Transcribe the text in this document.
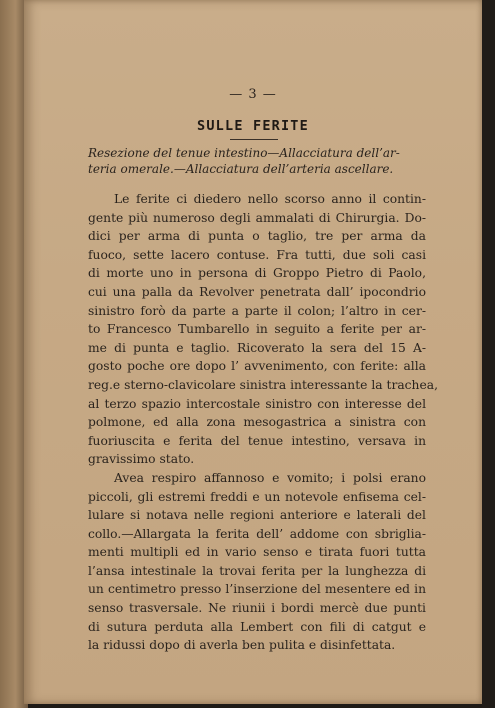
— 3 —
SULLE FERITE
Resezione del tenue intestino—Allacciatura dell’ar-
teria omerale.—Allacciatura dell’arteria ascellare.
Le ferite ci diedero nello scorso anno il contin-
gente più numeroso degli ammalati di Chirurgia. Do-
dici per arma di punta o taglio, tre per arma da
fuoco, sette lacero contuse. Fra tutti, due soli casi
di morte uno in persona di Groppo Pietro di Paolo,
cui una palla da Revolver penetrata dall’ ipocondrio
sinistro forò da parte a parte il colon; l’altro in cer-
to Francesco Tumbarello in seguito a ferite per ar-
me di punta e taglio. Ricoverato la sera del 15 A-
gosto poche ore dopo l’ avvenimento, con ferite: alla
reg.e sterno-clavicolare sinistra interessante la trachea,
al terzo spazio intercostale sinistro con interesse del
polmone, ed alla zona mesogastrica a sinistra con
fuoriuscita e ferita del tenue intestino, versava in
gravissimo stato.
Avea respiro affannoso e vomito; i polsi erano
piccoli, gli estremi freddi e un notevole enfisema cel-
lulare si notava nelle regioni anteriore e laterali del
collo.—Allargata la ferita dell’ addome con sbriglia-
menti multipli ed in vario senso e tirata fuori tutta
l’ansa intestinale la trovai ferita per la lunghezza di
un centimetro presso l’inserzione del mesentere ed in
senso trasversale. Ne riunii i bordi mercè due punti
di sutura perduta alla Lembert con fili di catgut e
la ridussi dopo di averla ben pulita e disinfettata.
